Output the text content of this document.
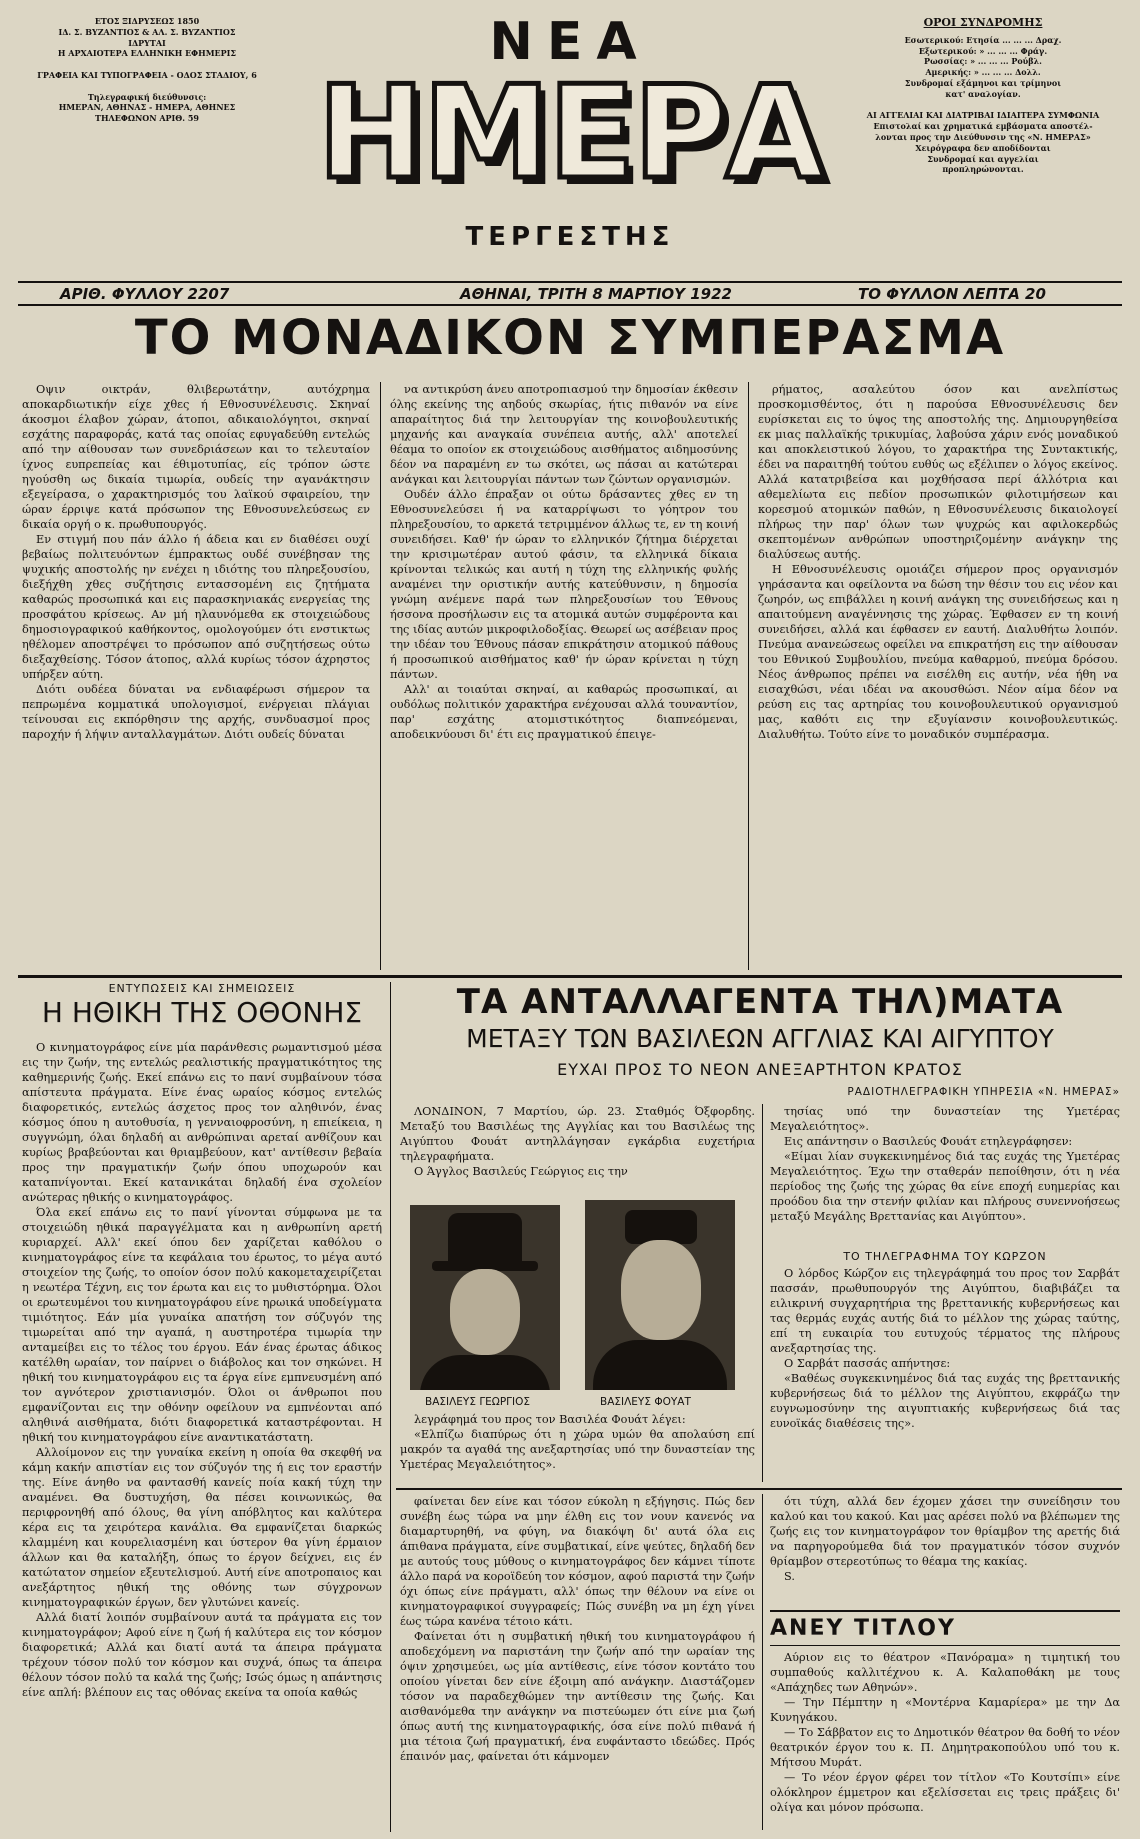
ΕΤΟΣ ΞΙΔΡΥΣΕΩΣ 1850
ΙΔ. Σ. ΒΥΖΑΝΤΙΟΣ & ΑΛ. Σ. ΒΥΖΑΝΤΙΟΣ
ΙΔΡΥΤΑΙ
Η ΑΡΧΑΙΟΤΕΡΑ ΕΛΛΗΝΙΚΗ ΕΦΗΜΕΡΙΣ

ΓΡΑΦΕΙΑ ΚΑΙ ΤΥΠΟΓΡΑΦΕΙΑ - ΟΔΟΣ ΣΤΑΔΙΟΥ, 6

Τηλεγραφική διεύθυνσις:
ΗΜΕΡΑΝ, ΑΘΗΝΑΣ - ΗΜΕΡΑ, ΑΘΗΝΕΣ
ΤΗΛΕΦΩΝΟΝ ΑΡΙΘ. 59
ΝΕΑ
ΗΜΕΡΑ
ΤΕΡΓΕΣΤΗΣ
ΟΡΟΙ ΣΥΝΔΡΟΜΗΣ
Εσωτερικού: Ετησία ... ... ... Δραχ.
Εξωτερικού: » ... ... ... Φράγ.
Ρωσσίας: » ... ... ... Ρούβλ.
Αμερικής: » ... ... ... Δολλ.
Συνδρομαί εξάμηνοι και τρίμηνοι
κατ' αναλογίαν.

ΑΙ ΑΓΓΕΛΙΑΙ ΚΑΙ ΔΙΑΤΡΙΒΑΙ ΙΔΙΑΙΤΕΡΑ ΣΥΜΦΩΝΙΑ
Επιστολαί και χρηματικά εμβάσματα αποστέλ-
λονται προς την Διεύθυνσιν της «Ν. ΗΜΕΡΑΣ»
Χειρόγραφα δεν αποδίδονται
Συνδρομαί και αγγελίαι
προπληρώνονται.
ΑΡΙΘ. ΦΥΛΛΟΥ 2207	ΑΘΗΝΑΙ, ΤΡΙΤΗ 8 ΜΑΡΤΙΟΥ 1922	ΤΟ ΦΥΛΛΟΝ ΛΕΠΤΑ 20
ΤΟ ΜΟΝΑΔΙΚΟΝ ΣΥΜΠΕΡΑΣΜΑ

Οψιν οικτράν, θλιβερωτάτην, αυτόχρημα αποκαρδιωτικήν είχε χθες ή Εθνοσυνέλευσις. Σκηναί άκοσμοι έλαβον χώραν, άτοποι, αδικαιολόγητοι, σκηναί εσχάτης παραφοράς, κατά τας οποίας εφυγαδεύθη εντελώς από την αίθουσαν των συνεδριάσεων και το τελευταίον ίχνος ευπρεπείας και έθιμοτυπίας, είς τρόπον ώστε ηγούσθη ως δικαία τιμωρία, ουδείς την αγανάκτησιν εξεγείρασα, ο χαρακτηρισμός του λαϊκού σφαιρείου, την ώραν έρριψε κατά πρόσωπον της Εθνοσυνελεύσεως εν δικαία οργή ο κ. πρωθυπουργός.

Εν στιγμή που πάν άλλο ή άδεια και εν διαθέσει ουχί βεβαίως πολιτευόντων έμπρακτως ουδέ συνέβησαν της ψυχικής αποστολής ην ενέχει η ιδιότης του πληρεξουσίου, διεξήχθη χθες συζήτησις εντασσομένη εις ζητήματα καθαρώς προσωπικά και εις παρασκηνιακάς ενεργείας της προσφάτου κρίσεως. Αν μή ηλαυνόμεθα εκ στοιχειώδους δημοσιογραφικού καθήκοντος, ομολογούμεν ότι ενστικτως ηθέλομεν αποστρέψει το πρόσωπον από συζητήσεως ούτω διεξαχθείσης. Τόσον άτοπος, αλλά κυρίως τόσον άχρηστος υπήρξεν αύτη.

Διότι ουδέεα δύναται να ενδιαφέρωσι σήμερον τα πεπρωμένα κομματικά υπολογισμοί, ενέργειαι πλάγιαι τείνουσαι εις εκπόρθησιν της αρχής, συνδυασμοί προς παροχήν ή λήψιν ανταλλαγμάτων. Διότι ουδείς δύναται

να αντικρύση άνευ αποτροπιασμού την δημοσίαν έκθεσιν όλης εκείνης της αηδούς σκωρίας, ήτις πιθανόν να είνε απαραίτητος διά την λειτουργίαν της κοινοβουλευτικής μηχανής και αναγκαία συνέπεια αυτής, αλλ' αποτελεί θέαμα το οποίον εκ στοιχειώδους αισθήματος αιδημοσύνης δέον να παραμένη εν τω σκότει, ως πάσαι αι κατώτεραι ανάγκαι και λειτουργίαι πάντων των ζώντων οργανισμών.

Ουδέν άλλο έπραξαν οι ούτω δράσαντες χθες εν τη Εθνοσυνελεύσει ή να καταρρίψωσι το γόητρον του πληρεξουσίου, το αρκετά τετριμμένον άλλως τε, εν τη κοινή συνειδήσει. Καθ' ήν ώραν το ελληνικόν ζήτημα διέρχεται την κρισιμωτέραν αυτού φάσιν, τα ελληνικά δίκαια κρίνονται τελικώς και αυτή η τύχη της ελληνικής φυλής αναμένει την οριστικήν αυτής κατεύθυνσιν, η δημοσία γνώμη ανέμενε παρά των πληρεξουσίων του Έθνους ήσσονα προσήλωσιν εις τα ατομικά αυτών συμφέροντα και της ιδίας αυτών μικροφιλοδοξίας. Θεωρεί ως ασέβειαν προς την ιδέαν του Έθνους πάσαν επικράτησιν ατομικού πάθους ή προσωπικού αισθήματος καθ' ήν ώραν κρίνεται η τύχη πάντων.

Αλλ' αι τοιαύται σκηναί, αι καθαρώς προσωπικαί, αι ουδόλως πολιτικόν χαρακτήρα ενέχουσαι αλλά τουναντίον, παρ' εσχάτης ατομιστικότητος διαπνεόμεναι, αποδεικνύουσι δι' έτι εις πραγματικού έπειγε-

ρήματος, ασαλεύτου όσον και ανελπίστως προσκομισθέντος, ότι η παρούσα Εθνοσυνέλευσις δεν ευρίσκεται εις το ύψος της αποστολής της. Δημιουργηθείσα εκ μιας παλλαϊκής τρικυμίας, λαβούσα χάριν ενός μοναδικού και αποκλειστικού λόγου, το χαρακτήρα της Συντακτικής, έδει να παραιτηθή τούτου ευθύς ως εξέλιπεν ο λόγος εκείνος. Αλλά κατατριβείσα και μοχθήσασα περί άλλότρια και αθεμελίωτα εις πεδίον προσωπικών φιλοτιμήσεων και κορεσμού ατομικών παθών, η Εθνοσυνέλευσις δικαιολογεί πλήρως την παρ' όλων των ψυχρώς και αφιλοκερδώς σκεπτομένων ανθρώπων υποστηριζομένην ανάγκην της διαλύσεως αυτής.

Η Εθνοσυνέλευσις ομοιάζει σήμερον προς οργανισμόν γηράσαντα και οφείλοντα να δώση την θέσιν του εις νέον και ζωηρόν, ως επιβάλλει η κοινή ανάγκη της συνειδήσεως και η απαιτούμενη αναγέννησις της χώρας. Έφθασεν εν τη κοινή συνειδήσει, αλλά και έφθασεν εν εαυτή. Διαλυθήτω λοιπόν. Πνεύμα ανανεώσεως οφείλει να επικρατήση εις την αίθουσαν του Εθνικού Συμβουλίου, πνεύμα καθαρμού, πνεύμα δρόσου. Νέος άνθρωπος πρέπει να εισέλθη εις αυτήν, νέα ήθη να εισαχθώσι, νέαι ιδέαι να ακουσθώσι. Νέον αίμα δέον να ρεύση εις τας αρτηρίας του κοινοβουλευτικού οργανισμού μας, καθότι εις την εξυγίανσιν κοινοβουλευτικώς. Διαλυθήτω. Τούτο είνε το μοναδικόν συμπέρασμα.

ΕΝΤΥΠΩΣΕΙΣ ΚΑΙ ΣΗΜΕΙΩΣΕΙΣ
Η ΗΘΙΚΗ ΤΗΣ ΟΘΟΝΗΣ

Ο κινηματογράφος είνε μία παράνθεσις ρωμαντισμού μέσα εις την ζωήν, της εντελώς ρεαλιστικής πραγματικότητος της καθημερινής ζωής. Εκεί επάνω εις το πανί συμβαίνουν τόσα απίστευτα πράγματα. Είνε ένας ωραίος κόσμος εντελώς διαφορετικός, εντελώς άσχετος προς τον αληθινόν, ένας κόσμος όπου η αυτοθυσία, η γενναιοφροσύνη, η επιείκεια, η συγγνώμη, όλαι δηλαδή αι ανθρώπιναι αρεταί ανθίζουν και κυρίως βραβεύονται και θριαμβεύουν, κατ' αντίθεσιν βεβαία προς την πραγματικήν ζωήν όπου υποχωρούν και καταπνίγονται. Εκεί κατανικάται δηλαδή ένα σχολείον ανώτερας ηθικής ο κινηματογράφος.

Όλα εκεί επάνω εις το πανί γίνονται σύμφωνα με τα στοιχειώδη ηθικά παραγγέλματα και η ανθρωπίνη αρετή κυριαρχεί. Αλλ' εκεί όπου δεν χαρίζεται καθόλου ο κινηματογράφος είνε τα κεφάλαια του έρωτος, το μέγα αυτό στοιχείον της ζωής, το οποίον όσον πολύ κακομεταχειρίζεται η νεωτέρα Τέχνη, εις τον έρωτα και εις το μυθιστόρημα. Όλοι οι ερωτευμένοι του κινηματογράφου είνε ηρωικά υποδείγματα τιμιότητος. Εάν μία γυναίκα απατήση τον σύζυγόν της τιμωρείται από την αγαπά, η αυστηροτέρα τιμωρία την ανταμείβει εις το τέλος του έργου. Εάν ένας έρωτας άδικος κατέλθη ωραίαν, τον παίρνει ο διάβολος και τον σηκώνει. Η ηθική του κινηματογράφου εις τα έργα είνε εμπνευσμένη από τον αγνότερον χριστιανισμόν. Όλοι οι άνθρωποι που εμφανίζονται εις την οθόνην οφείλουν να εμπνέονται από αληθινά αισθήματα, διότι διαφορετικά καταστρέφονται. Η ηθική του κινηματογράφου είνε αναντικατάστατη.

Αλλοίμονον εις την γυναίκα εκείνη η οποία θα σκεφθή να κάμη κακήν απιστίαν εις τον σύζυγόν της ή εις τον εραστήν της. Είνε άνηθο να φαντασθή κανείς ποία κακή τύχη την αναμένει. Θα δυστυχήση, θα πέσει κοινωνικώς, θα περιφρονηθή από όλους, θα γίνη απόβλητος και καλύτερα κέρα εις τα χειρότερα κανάλια. Θα εμφανίζεται διαρκώς κλαμμένη και κουρελιασμένη και ύστερον θα γίνη έρμαιον άλλων και θα καταλήξη, όπως το έργον δείχνει, εις έν κατώτατον σημείον εξευτελισμού. Αυτή είνε αποτροπαιος και ανεξάρτητος ηθική της οθόνης των σύγχρονων κινηματογραφικών έργων, δεν γλυτώνει κανείς.

Αλλά διατί λοιπόν συμβαίνουν αυτά τα πράγματα εις τον κινηματογράφον; Αφού είνε η ζωή ή καλύτερα εις τον κόσμον διαφορετικά; Αλλά και διατί αυτά τα άπειρα πράγματα τρέχουν τόσον πολύ τον κόσμον και συχνά, όπως τα άπειρα θέλουν τόσον πολύ τα καλά της ζωής; Ισώς όμως η απάντησις είνε απλή: βλέπουν εις τας οθόνας εκείνα τα οποία καθώς

ΤΑ ΑΝΤΑΛΛΑΓΕΝΤΑ ΤΗΛ)ΜΑΤΑ
ΜΕΤΑΞΥ ΤΩΝ ΒΑΣΙΛΕΩΝ ΑΓΓΛΙΑΣ ΚΑΙ ΑΙΓΥΠΤΟΥ
ΕΥΧΑΙ ΠΡΟΣ ΤΟ ΝΕΟΝ ΑΝΕΞΑΡΤΗΤΟΝ ΚΡΑΤΟΣ
ΡΑΔΙΟΤΗΛΕΓΡΑΦΙΚΗ ΥΠΗΡΕΣΙΑ «Ν. ΗΜΕΡΑΣ»

ΛΟΝΔΙΝΟΝ, 7 Μαρτίου, ώρ. 23. Σταθμός Όξφορδης. Μεταξύ του Βασιλέως της Αγγλίας και του Βασιλέως της Αιγύπτου Φουάτ αντηλλάγησαν εγκάρδια ευχετήρια τηλεγραφήματα.

Ο Άγγλος Βασιλεύς Γεώργιος εις την

ΒΑΣΙΛΕΥΣ ΓΕΩΡΓΙΟΣ	ΒΑΣΙΛΕΥΣ ΦΟΥΑΤ

λεγράφημά του προς τον Βασιλέα Φουάτ λέγει:

«Ελπίζω διαπύρως ότι η χώρα υμών θα απολαύση επί μακρόν τα αγαθά της ανεξαρτησίας υπό την δυναστείαν της Υμετέρας Μεγαλειότητος».

τησίας υπό την δυναστείαν της Υμετέρας Μεγαλειότητος».

Εις απάντησιν ο Βασιλεύς Φουάτ ετηλεγράφησεν:

«Είμαι λίαν συγκεκινημένος διά τας ευχάς της Υμετέρας Μεγαλειότητος. Έχω την σταθεράν πεποίθησιν, ότι η νέα περίοδος της ζωής της χώρας θα είνε εποχή ευημερίας και προόδου δια την στενήν φιλίαν και πλήρους συνεννοήσεως μεταξύ Μεγάλης Βρεττανίας και Αιγύπτου».

ΤΟ ΤΗΛΕΓΡΑΦΗΜΑ ΤΟΥ ΚΩΡΖΟΝ

Ο λόρδος Κώρζον εις τηλεγράφημά του προς τον Σαρβάτ πασσάν, πρωθυπουργόν της Αιγύπτου, διαβιβάζει τα ειλικρινή συγχαρητήρια της βρεττανικής κυβερνήσεως και τας θερμάς ευχάς αυτής διά το μέλλον της χώρας ταύτης, επί τη ευκαιρία του ευτυχούς τέρματος της πλήρους ανεξαρτησίας της.

Ο Σαρβάτ πασσάς απήντησε:

«Βαθέως συγκεκινημένος διά τας ευχάς της βρεττανικής κυβερνήσεως διά το μέλλον της Αιγύπτου, εκφράζω την ευγνωμοσύνην της αιγυπτιακής κυβερνήσεως διά τας ευνοϊκάς διαθέσεις της».

φαίνεται δεν είνε και τόσον εύκολη η εξήγησις. Πώς δεν συνέβη έως τώρα να μην έλθη εις τον νουν κανενός να διαμαρτυρηθή, να φύγη, να διακόψη δι' αυτά όλα εις άπιθανα πράγματα, είνε συμβατικαί, είνε ψεύτες, δηλαδή δεν με αυτούς τους μύθους ο κινηματογράφος δεν κάμνει τίποτε άλλο παρά να κοροϊδεύη τον κόσμον, αφού παριστά την ζωήν όχι όπως είνε πράγματι, αλλ' όπως την θέλουν να είνε οι κινηματογραφικοί συγγραφείς; Πώς συνέβη να μη έχη γίνει έως τώρα κανένα τέτοιο κάτι.

Φαίνεται ότι η συμβατική ηθική του κινηματογράφου ή αποδεχόμενη να παριστάνη την ζωήν από την ωραίαν της όψιν χρησιμεύει, ως μία αντίθεσις, είνε τόσον κοντάτο του οποίου γίνεται δεν είνε έξοιμη από ανάγκην. Διαστάζομεν τόσον να παραδεχθώμεν την αντίθεσιν της ζωής. Και αισθανόμεθα την ανάγκην να πιστεύωμεν ότι είνε μια ζωή όπως αυτή της κινηματογραφικής, όσα είνε πολύ πιθανά ή μια τέτοια ζωή πραγματική, ένα ευφάνταστο ιδεώδες. Πρός έπαινόν μας, φαίνεται ότι κάμνομεν

ότι τύχη, αλλά δεν έχομεν χάσει την συνείδησιν του καλού και του κακού. Και μας αρέσει πολύ να βλέπωμεν της ζωής εις τον κινηματογράφον τον θρίαμβον της αρετής διά να παρηγορούμεθα διά τον πραγματικόν τόσον συχνόν θρίαμβον στερεοτύπως το θέαμα της κακίας.

S.

ΑΝΕΥ ΤΙΤΛΟΥ

Αύριον εις το θέατρον «Πανόραμα» η τιμητική του συμπαθούς καλλιτέχνου κ. Α. Καλαποθάκη με τους «Απάχηδες των Αθηνών».

— Την Πέμπτην η «Μοντέρνα Καμαρίερα» με την Δα Κυνηγάκου.

— Το Σάββατον εις το Δημοτικόν θέατρον θα δοθή το νέον θεατρικόν έργον του κ. Π. Δημητρακοπούλου υπό του κ. Μήτσου Μυράτ.

— Το νέον έργον φέρει τον τίτλον «Το Κουτσίπι» είνε ολόκληρον έμμετρον και εξελίσσεται εις τρεις πράξεις δι' ολίγα και μόνον πρόσωπα.
